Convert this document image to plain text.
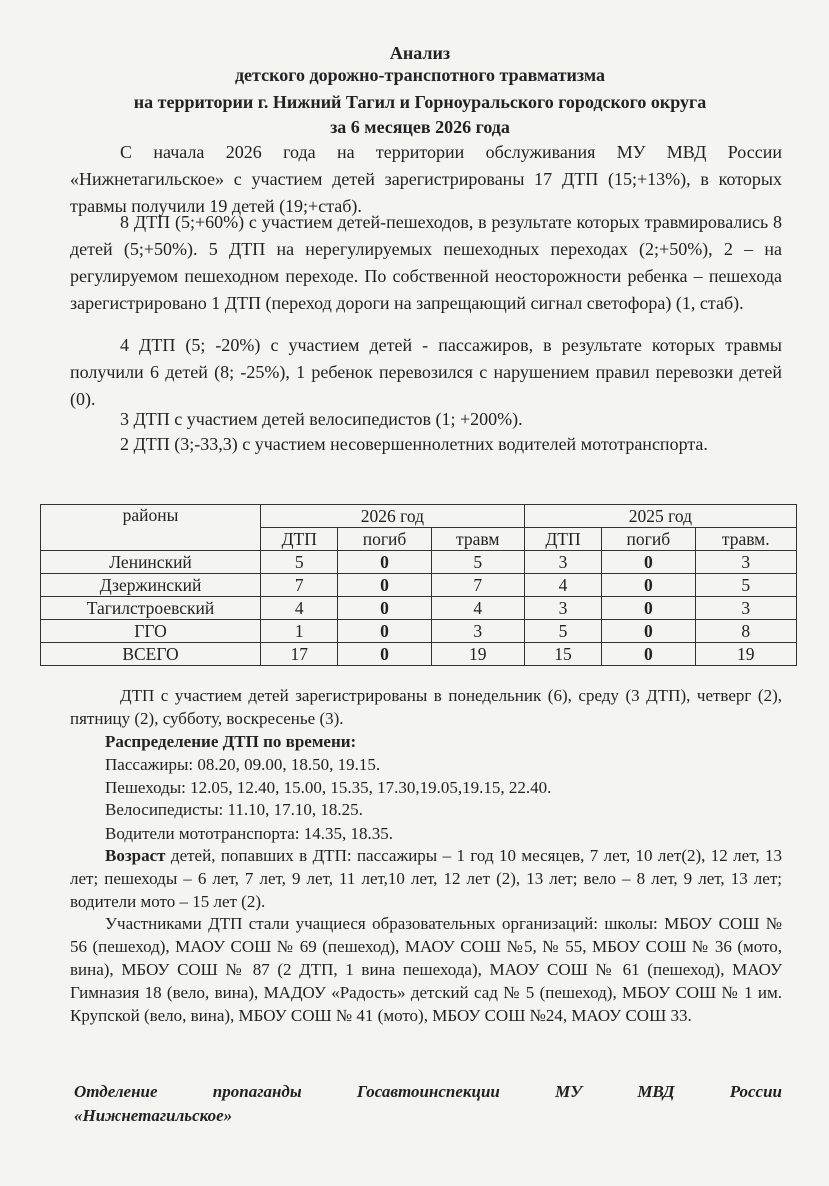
Анализ
детского дорожно-транспотного травматизма
на территории г. Нижний Тагил и Горноуральского городского округа
за 6 месяцев 2026 года

С начала 2026 года на территории обслуживания МУ МВД России «Нижнетагильское» с участием детей зарегистрированы 17 ДТП (15;+13%), в которых травмы получили 19 детей (19;+стаб).

8 ДТП (5;+60%) с участием детей-пешеходов, в результате которых травмировались 8 детей (5;+50%). 5 ДТП на нерегулируемых пешеходных переходах (2;+50%), 2 – на регулируемом пешеходном переходе. По собственной неосторожности ребенка – пешехода зарегистрировано 1 ДТП (переход дороги на запрещающий сигнал светофора) (1, стаб).

4 ДТП (5; -20%) с участием детей - пассажиров, в результате которых травмы получили 6 детей (8; -25%), 1 ребенок перевозился с нарушением правил перевозки детей (0).

3 ДТП с участием детей велосипедистов (1; +200%).

2 ДТП (3;-33,3) с участием несовершеннолетних водителей мототранспорта.

районы	2026 год			2025 год		
	ДТП	погиб	травм	ДТП	погиб	травм.
Ленинский	5	0	5	3	0	3
Дзержинский	7	0	7	4	0	5
Тагилстроевский	4	0	4	3	0	3
ГГО	1	0	3	5	0	8
ВСЕГО	17	0	19	15	0	19
ДТП с участием детей зарегистрированы в понедельник (6), среду (3 ДТП), четверг (2), пятницу (2), субботу, воскресенье (3).
Распределение ДТП по времени:
Пассажиры: 08.20, 09.00, 18.50, 19.15.
Пешеходы: 12.05, 12.40, 15.00, 15.35, 17.30,19.05,19.15, 22.40.
Велосипедисты: 11.10, 17.10, 18.25.
Водители мототранспорта: 14.35, 18.35.
Возраст детей, попавших в ДТП: пассажиры – 1 год 10 месяцев, 7 лет, 10 лет(2), 12 лет, 13 лет; пешеходы – 6 лет, 7 лет, 9 лет, 11 лет,10 лет, 12 лет (2), 13 лет; вело – 8 лет, 9 лет, 13 лет; водители мото – 15 лет (2).
Участниками ДТП стали учащиеся образовательных организаций: школы: МБОУ СОШ № 56 (пешеход), МАОУ СОШ № 69 (пешеход), МАОУ СОШ №5, № 55, МБОУ СОШ № 36 (мото, вина), МБОУ СОШ № 87 (2 ДТП, 1 вина пешехода), МАОУ СОШ № 61 (пешеход), МАОУ Гимназия 18 (вело, вина), МАДОУ «Радость» детский сад № 5 (пешеход), МБОУ СОШ № 1 им. Крупской (вело, вина), МБОУ СОШ № 41 (мото), МБОУ СОШ №24, МАОУ СОШ 33.
Отделение пропаганды Госавтоинспекции МУ МВД России
«Нижнетагильское»
